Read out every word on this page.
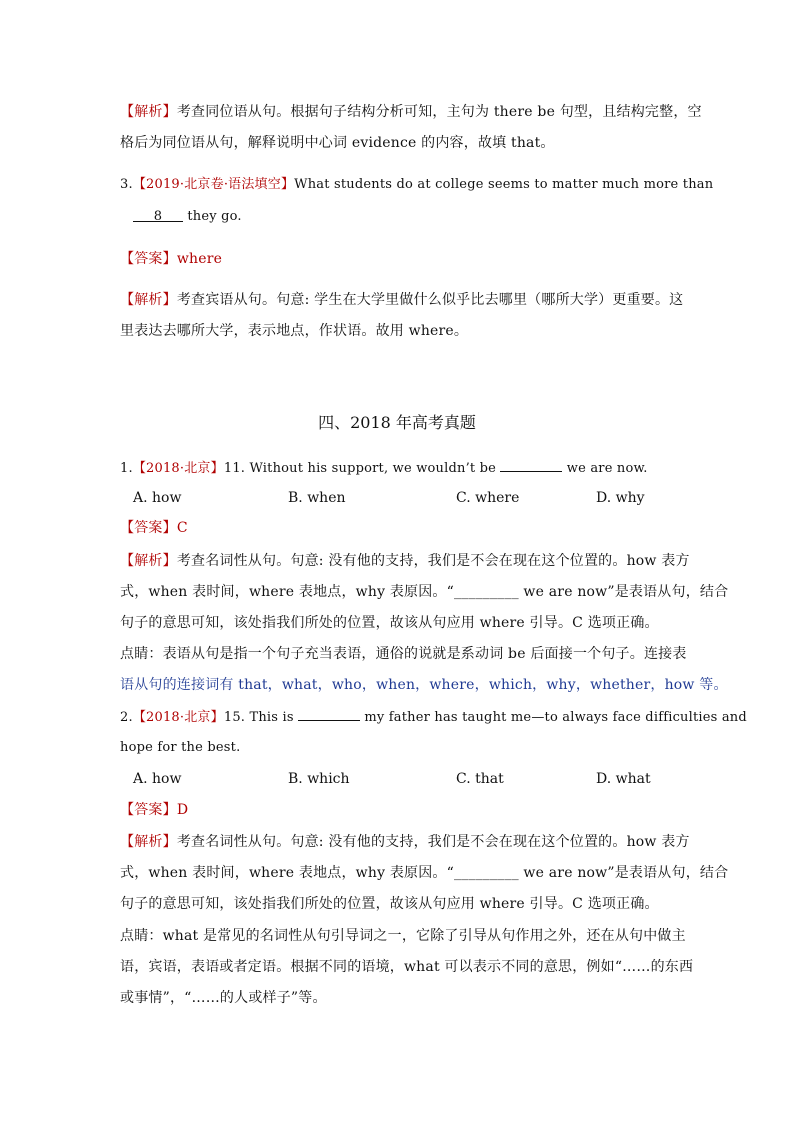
【解析】考查同位语从句。根据句子结构分析可知，主句为 there be 句型，且结构完整，空
格后为同位语从句，解释说明中心词 evidence 的内容，故填 that。
3.【2019·北京卷·语法填空】What students do at college seems to matter much more than
8 they go.
【答案】where
【解析】考查宾语从句。句意: 学生在大学里做什么似乎比去哪里（哪所大学）更重要。这
里表达去哪所大学，表示地点，作状语。故用 where。
四、2018 年高考真题
1.【2018·北京】11. Without his support, we wouldn’t be	we are now.
A. how	B. when	C. where	D. why
【答案】C
【解析】考查名词性从句。句意: 没有他的支持，我们是不会在现在这个位置的。how 表方
式，when 表时间，where 表地点，why 表原因。“_________ we are now”是表语从句，结合
句子的意思可知，该处指我们所处的位置，故该从句应用 where 引导。C 选项正确。
点睛：表语从句是指一个句子充当表语，通俗的说就是系动词 be 后面接一个句子。连接表
语从句的连接词有 that，what，who，when，where，which，why，whether，how 等。
2.【2018·北京】15. This is	my father has taught me—to always face difficulties and
hope for the best.
A. how	B. which	C. that	D. what
【答案】D
【解析】考查名词性从句。句意: 没有他的支持，我们是不会在现在这个位置的。how 表方
式，when 表时间，where 表地点，why 表原因。“_________ we are now”是表语从句，结合
句子的意思可知，该处指我们所处的位置，故该从句应用 where 引导。C 选项正确。
点睛：what 是常见的名词性从句引导词之一，它除了引导从句作用之外，还在从句中做主
语，宾语，表语或者定语。根据不同的语境，what 可以表示不同的意思，例如“……的东西
或事情”，“……的人或样子”等。
